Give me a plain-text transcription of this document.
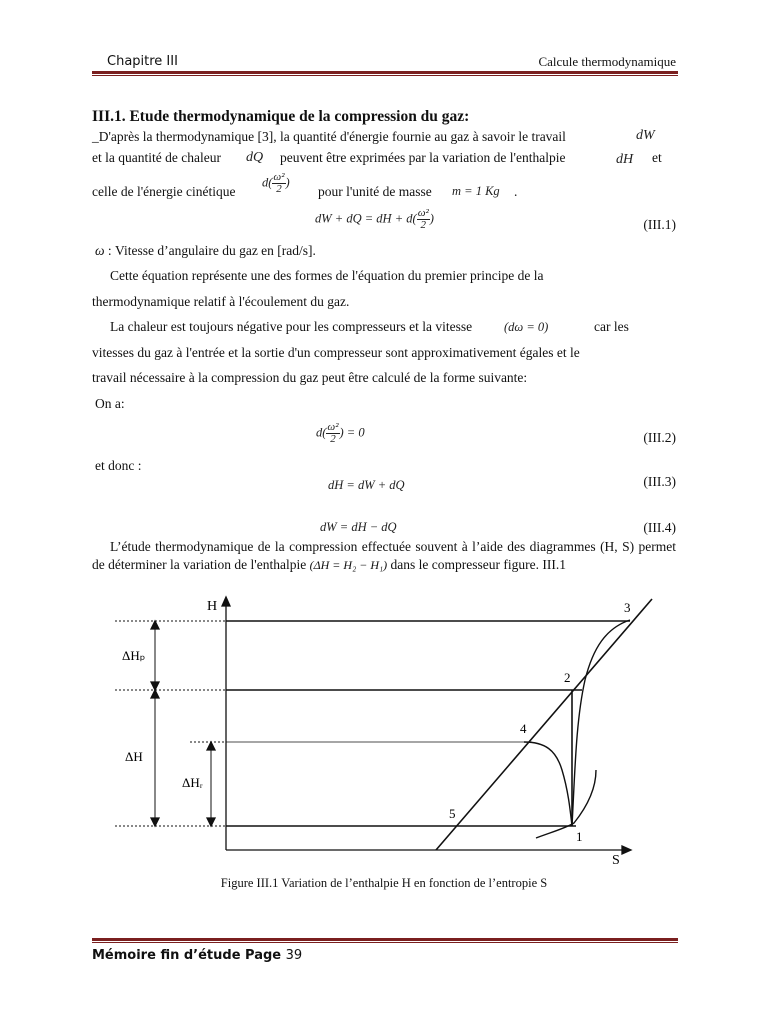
Chapitre III	Calcule thermodynamique
III.1. Etude thermodynamique de la compression du gaz:
_D'après la thermodynamique [3], la quantité d'énergie fournie au gaz à savoir le travail	dW
et la quantité de chaleur dQ peuvent être exprimées par la variation de l'enthalpie	dH et
celle de l'énergie cinétique
$d( \frac{\text{ω²}}{2}$ )
pour l'unité de masse m = 1 Kg .
dW + dQ = dH + $d( \frac{\text{ω²}}{2}$ )	(III.1)
ω : Vitesse d’angulaire du gaz en [rad/s].
Cette équation représente une des formes de l'équation du premier principe de la
thermodynamique relatif à l'écoulement du gaz.
La chaleur est toujours négative pour les compresseurs et la vitesse	(dω = 0)	car les
vitesses du gaz à l'entrée et la sortie d'un compresseur sont approximativement égales et le
travail nécessaire à la compression du gaz peut être calculé de la forme suivante:
On a:
$d( \frac{\text{ω²}}{2}$ ) = 0	(III.2)
et donc :
dH = dW + dQ	(III.3)
dW = dH − dQ	(III.4)
L’étude thermodynamique de la compression effectuée souvent à l’aide des diagrammes (H, S) permet de déterminer la variation de l'enthalpie (ΔH = H₂ − H₁) dans le compresseur figure. III.1
H
S
ΔHₚ
ΔH
ΔHᵣ
1
2
3
4
5
Figure III.1 Variation de l’enthalpie H en fonction de l’entropie S
Mémoire fin d’étude Page 39
